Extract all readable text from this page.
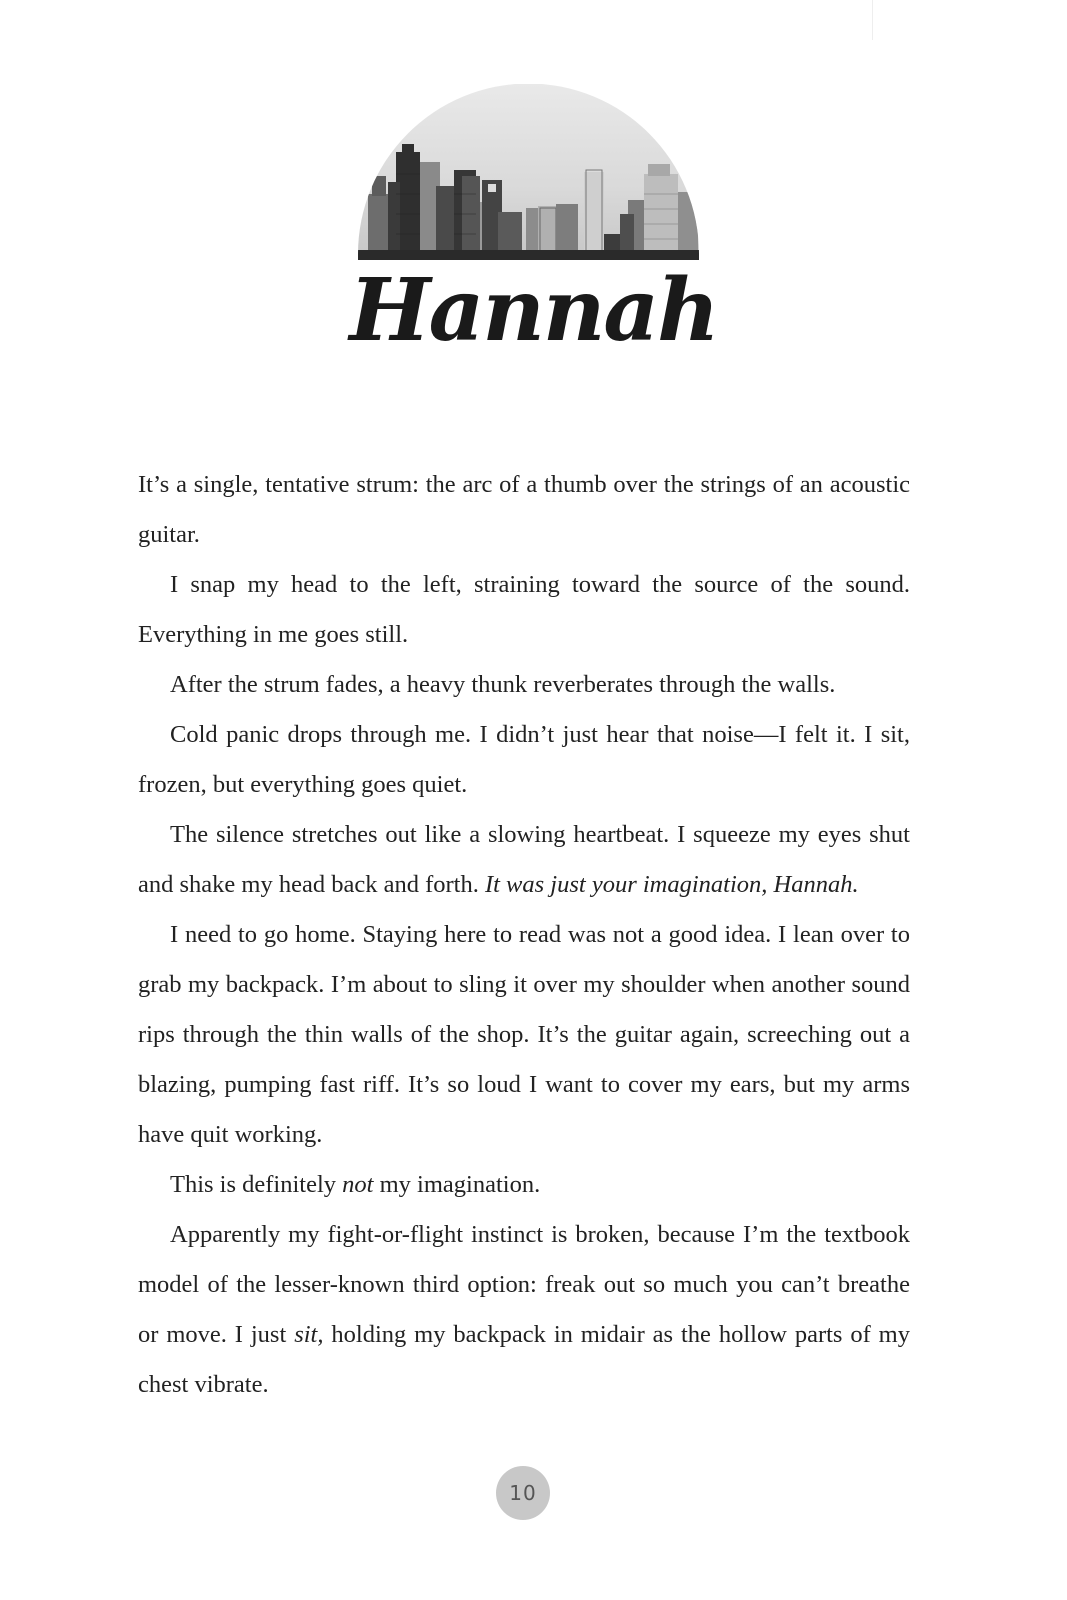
Hannah

It’s a single, tentative strum: the arc of a thumb over the strings of an acoustic guitar.

I snap my head to the left, straining toward the source of the sound. Everything in me goes still.

After the strum fades, a heavy thunk reverberates through the walls.

Cold panic drops through me. I didn’t just hear that noise—I felt it. I sit, frozen, but everything goes quiet.

The silence stretches out like a slowing heartbeat. I squeeze my eyes shut and shake my head back and forth. It was just your imagination, Hannah.

I need to go home. Staying here to read was not a good idea. I lean over to grab my backpack. I’m about to sling it over my shoulder when another sound rips through the thin walls of the shop. It’s the guitar again, screeching out a blazing, pumping fast riff. It’s so loud I want to cover my ears, but my arms have quit working.

This is definitely not my imagination.

Apparently my fight-or-flight instinct is broken, because I’m the textbook model of the lesser-known third option: freak out so much you can’t breathe or move. I just sit, holding my backpack in midair as the hollow parts of my chest vibrate.

10
